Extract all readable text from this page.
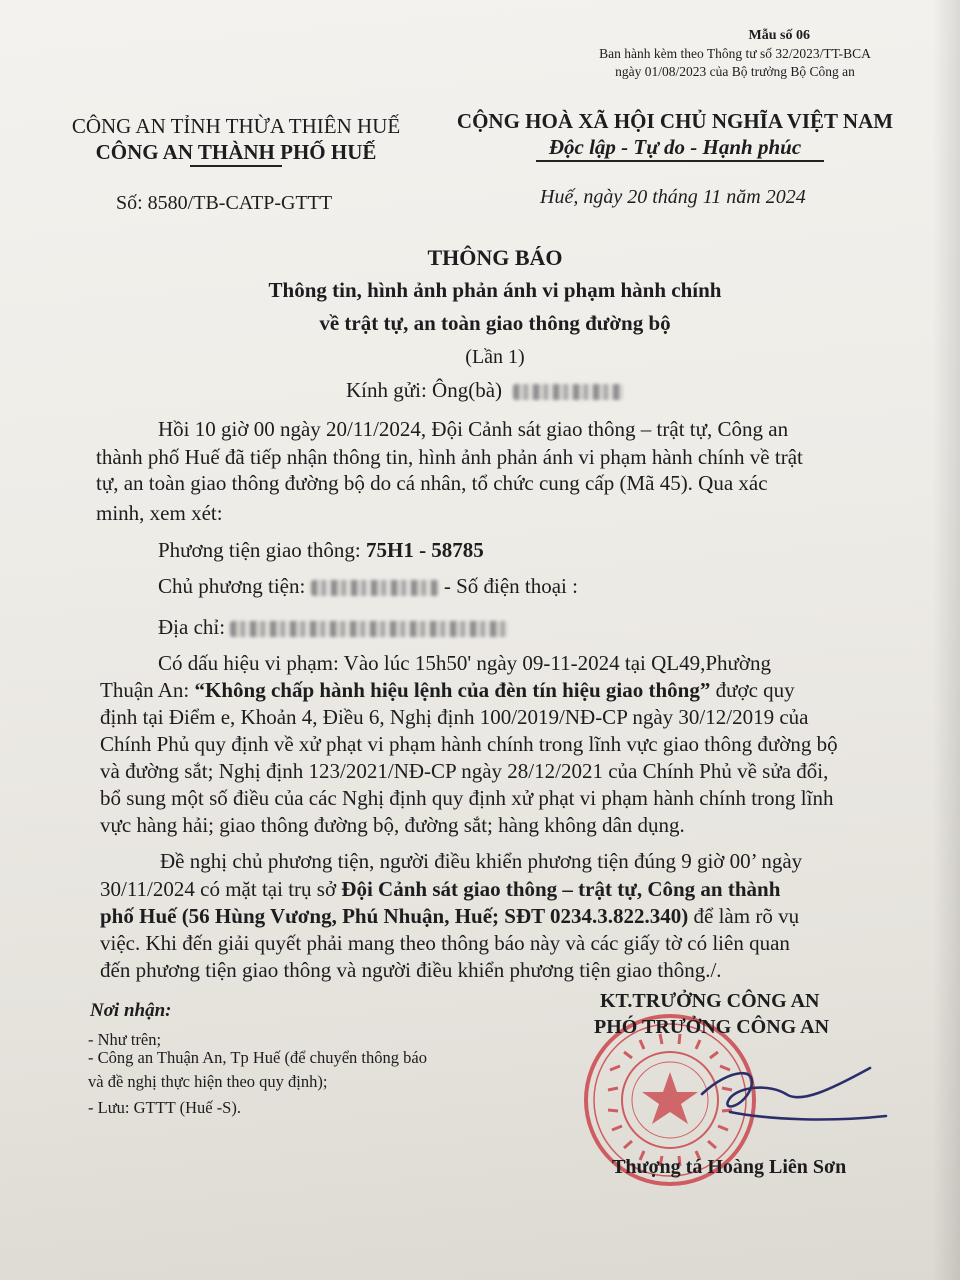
Mẫu số 06
Ban hành kèm theo Thông tư số 32/2023/TT-BCA
ngày 01/08/2023 của Bộ trưởng Bộ Công an
CÔNG AN TỈNH THỪA THIÊN HUẾ
CÔNG AN THÀNH PHỐ HUẾ
Số: 8580/TB-CATP-GTTT
CỘNG HOÀ XÃ HỘI CHỦ NGHĨA VIỆT NAM
Độc lập - Tự do - Hạnh phúc
Huế, ngày 20 tháng 11 năm 2024
THÔNG BÁO
Thông tin, hình ảnh phản ánh vi phạm hành chính
về trật tự, an toàn giao thông đường bộ
(Lần 1)
Kính gửi: Ông(bà)
Hồi 10 giờ 00 ngày 20/11/2024, Đội Cảnh sát giao thông – trật tự, Công an
thành phố Huế đã tiếp nhận thông tin, hình ảnh phản ánh vi phạm hành chính về trật
tự, an toàn giao thông đường bộ do cá nhân, tổ chức cung cấp (Mã 45). Qua xác
minh, xem xét:
Phương tiện giao thông: 75H1 - 58785
Chủ phương tiện:	- Số điện thoại :
Địa chỉ:
Có dấu hiệu vi phạm: Vào lúc 15h50' ngày 09-11-2024 tại QL49,Phường
Thuận An: “Không chấp hành hiệu lệnh của đèn tín hiệu giao thông” được quy
định tại Điểm e, Khoản 4, Điều 6, Nghị định 100/2019/NĐ-CP ngày 30/12/2019 của
Chính Phủ quy định về xử phạt vi phạm hành chính trong lĩnh vực giao thông đường bộ
và đường sắt; Nghị định 123/2021/NĐ-CP ngày 28/12/2021 của Chính Phủ về sửa đổi,
bổ sung một số điều của các Nghị định quy định xử phạt vi phạm hành chính trong lĩnh
vực hàng hải; giao thông đường bộ, đường sắt; hàng không dân dụng.
Đề nghị chủ phương tiện, người điều khiển phương tiện đúng 9 giờ 00’ ngày
30/11/2024 có mặt tại trụ sở Đội Cảnh sát giao thông – trật tự, Công an thành
phố Huế (56 Hùng Vương, Phú Nhuận, Huế; SĐT 0234.3.822.340) để làm rõ vụ
việc. Khi đến giải quyết phải mang theo thông báo này và các giấy tờ có liên quan
đến phương tiện giao thông và người điều khiển phương tiện giao thông./.
Nơi nhận:
- Như trên;
- Công an Thuận An, Tp Huế (để chuyển thông báo
và đề nghị thực hiện theo quy định);
- Lưu: GTTT (Huế -S).
KT.TRƯỞNG CÔNG AN
PHÓ TRƯỞNG CÔNG AN
Thượng tá Hoàng Liên Sơn
